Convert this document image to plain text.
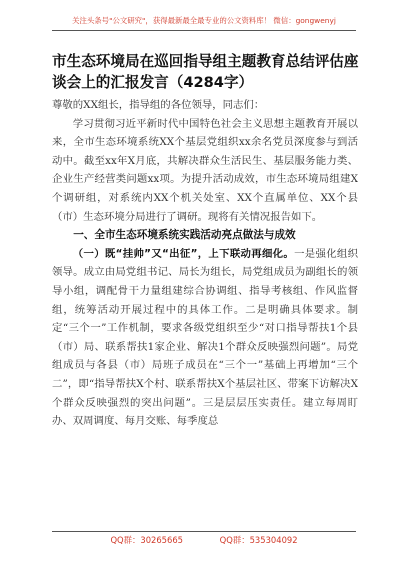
关注头条号"公文研究"，获得最新最全最专业的公文资料库！ 微信：gongwenyj
市生态环境局在巡回指导组主题教育总结评估座谈会上的汇报发言（4284字）

尊敬的XX组长，指导组的各位领导，同志们：

学习贯彻习近平新时代中国特色社会主义思想主题教育开展以来，全市生态环境系统XX个基层党组织xx余名党员深度参与到活动中。截至xx年X月底，共解决群众生活民生、基层服务能力类、企业生产经营类问题xx项。为提升活动成效，市生态环境局组建X个调研组，对系统内XX个机关处室、XX个直属单位、XX个县（市）生态环境分局进行了调研。现将有关情况报告如下。

一、全市生态环境系统实践活动亮点做法与成效

（一）既“挂帅”又“出征”，上下联动再细化。一是强化组织领导。成立由局党组书记、局长为组长，局党组成员为副组长的领导小组，调配骨干力量组建综合协调组、指导考核组、作风监督组，统筹活动开展过程中的具体工作。二是明确具体要求。制定“三个一”工作机制，要求各级党组织至少“对口指导帮扶1个县（市）局、联系帮扶1家企业、解决1个群众反映强烈问题”。局党组成员与各县（市）局班子成员在“三个一”基础上再增加“三个二”，即“指导帮扶X个村、联系帮扶X个基层社区、带案下访解决X个群众反映强烈的突出问题”。三是层层压实责任。建立每周盯办、双周调度、每月交账、每季度总

QQ群：30265665	QQ群：535304092
